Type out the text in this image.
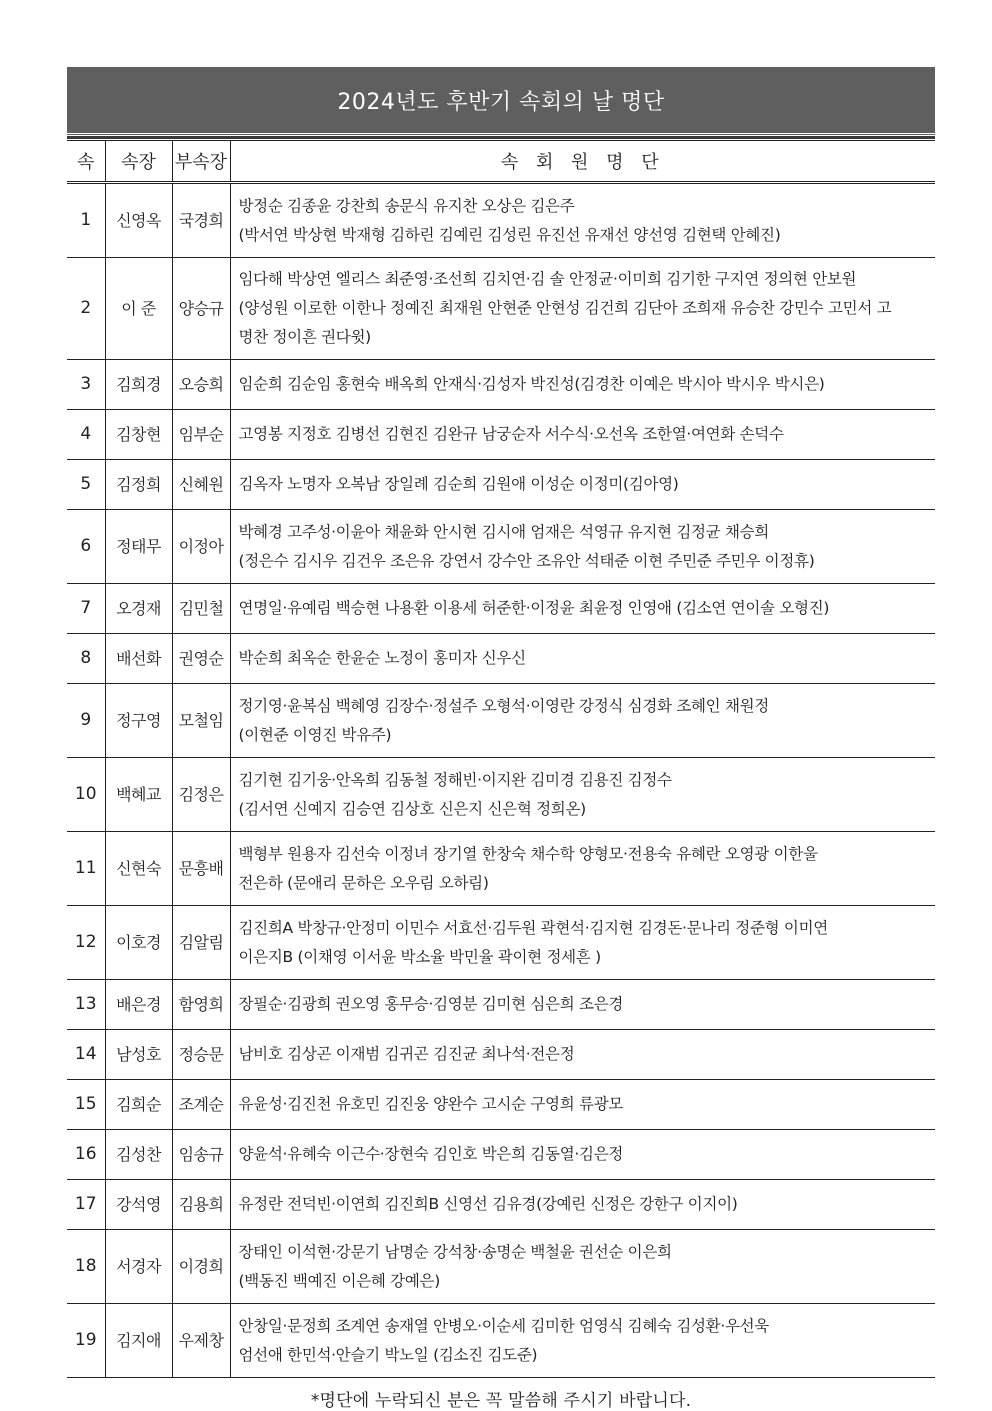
2024년도 후반기 속회의 날 명단
속	속장	부속장	속 회 원 명 단
1	신영옥	국경희	방정순 김종윤 강찬희 송문식 유지찬 오상은 김은주
(박서연 박상현 박재형 김하린 김예린 김성린 유진선 유재선 양선영 김현택 안혜진)

2	이 준	양승규	임다해 박상연 엘리스 최준영·조선희 김치연·김 솔 안정균·이미희 김기한 구지연 정의현 안보원
(양성원 이로한 이한나 정예진 최재원 안현준 안현성 김건희 김단아 조희재 유승찬 강민수 고민서 고
명찬 정이흔 권다윗)

3	김희경	오승희	임순희 김순임 홍현숙 배옥희 안재식·김성자 박진성(김경찬 이예은 박시아 박시우 박시은)

4	김창현	임부순	고영봉 지정호 김병선 김현진 김완규 남궁순자 서수식·오선옥 조한열·여연화 손덕수

5	김정희	신혜원	김옥자 노명자 오복남 장일례 김순희 김원애 이성순 이정미(김아영)

6	정태무	이정아	박혜경 고주성·이윤아 채윤화 안시현 김시애 엄재은 석영규 유지현 김정균 채승희
(정은수 김시우 김건우 조은유 강연서 강수안 조유안 석태준 이현 주민준 주민우 이정휴)

7	오경재	김민철	연명일·유예림 백승현 나용환 이용세 허준한·이정윤 최윤정 인영애 (김소연 연이솔 오형진)

8	배선화	권영순	박순희 최옥순 한윤순 노정이 홍미자 신우신

9	정구영	모철임	정기영·윤복심 백혜영 김장수·정설주 오형석·이영란 강정식 심경화 조혜인 채원정
(이현준 이영진 박유주)

10	백혜교	김정은	김기현 김기웅·안옥희 김동철 정해빈·이지완 김미경 김용진 김정수
(김서연 신예지 김승연 김상호 신은지 신은혁 정희온)

11	신현숙	문흥배	백형부 원용자 김선숙 이정녀 장기열 한창숙 채수학 양형모·전용숙 유혜란 오영광 이한울
전은하 (문애리 문하은 오우림 오하림)

12	이호경	김알림	김진희A 박창규·안정미 이민수 서효선·김두원 곽현석·김지현 김경돈·문나리 정준형 이미연
이은지B (이채영 이서윤 박소율 박민율 곽이현 정세흔 )

13	배은경	함영희	장필순·김광희 권오영 홍무승·김영분 김미현 심은희 조은경

14	남성호	정승문	남비호 김상곤 이재범 김귀곤 김진균 최나석·전은정

15	김희순	조계순	유윤성·김진천 유호민 김진웅 양완수 고시순 구영희 류광모

16	김성찬	임송규	양윤석·유혜숙 이근수·장현숙 김인호 박은희 김동열·김은정

17	강석영	김용희	유정란 전덕빈·이연희 김진희B 신영선 김유경(강예린 신정은 강한구 이지이)

18	서경자	이경희	장태인 이석현·강문기 남명순 강석창·송명순 백철윤 권선순 이은희
(백동진 백예진 이은혜 강예은)

19	김지애	우제창	안창일·문정희 조계연 송재열 안병오·이순세 김미한 엄영식 김혜숙 김성환·우선욱
엄선애 한민석·안슬기 박노일 (김소진 김도준)
*명단에 누락되신 분은 꼭 말씀해 주시기 바랍니다.
